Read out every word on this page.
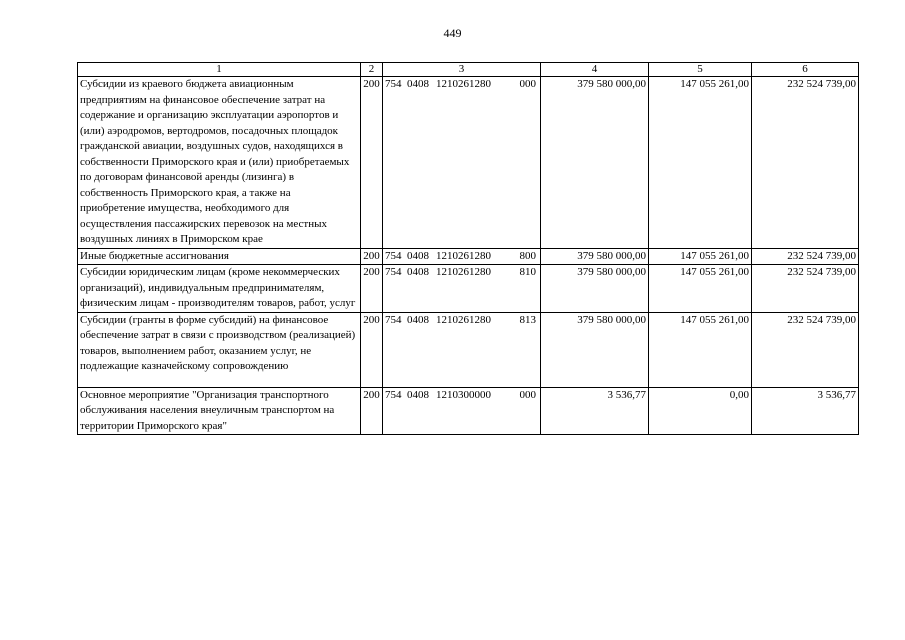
449
1	2	3	4	5	6
Субсидии из краевого бюджета авиационным предприятиям на финансовое обеспечение затрат на содержание и организацию эксплуатации аэропортов и (или) аэродромов, вертодромов, посадочных площадок гражданской авиации, воздушных судов, находящихся в собственности Приморского края и (или) приобретаемых по договорам финансовой аренды (лизинга) в собственность Приморского края, а также на приобретение имущества, необходимого для осуществления пассажирских перевозок на местных воздушных линиях в Приморском крае	200	754 0408 1210261280 000	379 580 000,00	147 055 261,00	232 524 739,00
Иные бюджетные ассигнования	200	754 0408 1210261280 800	379 580 000,00	147 055 261,00	232 524 739,00
Субсидии юридическим лицам (кроме некоммерческих организаций), индивидуальным предпринимателям, физическим лицам - производителям товаров, работ, услуг	200	754 0408 1210261280 810	379 580 000,00	147 055 261,00	232 524 739,00

Субсидии (гранты в форме субсидий) на финансовое обеспечение затрат в связи с производством (реализацией) товаров, выполнением работ, оказанием услуг, не подлежащие казначейскому сопровождению	200	754 0408 1210261280 813	379 580 000,00	147 055 261,00	232 524 739,00
Основное мероприятие "Организация транспортного обслуживания населения внеуличным транспортом на территории Приморского края"	200	754 0408 1210300000 000	3 536,77	0,00	3 536,77
